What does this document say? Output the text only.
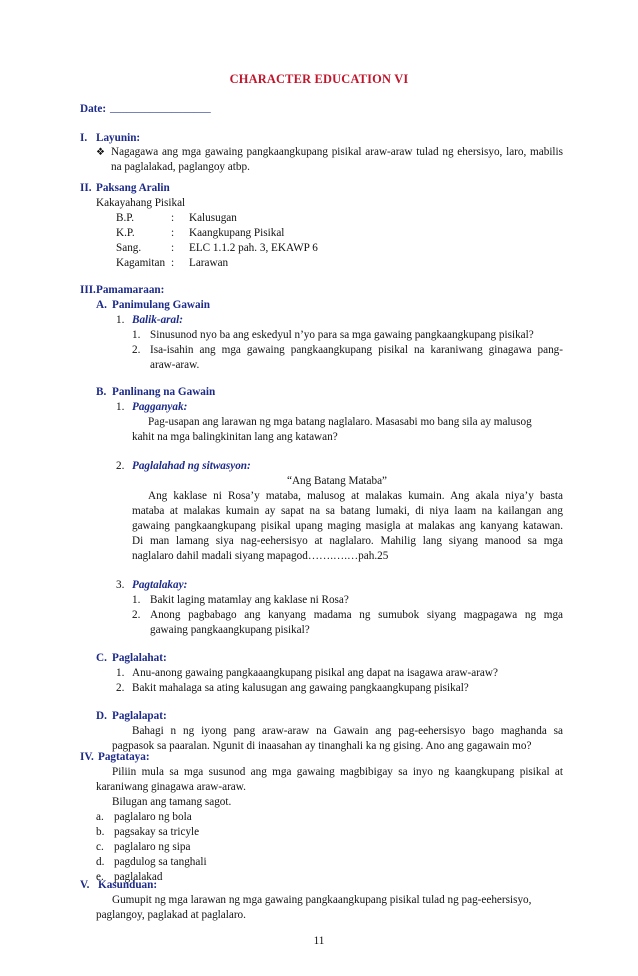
CHARACTER EDUCATION VI
Date: __________________
I. Layunin:
❖ Nagagawa ang mga gawaing pangkaangkupang pisikal araw-araw tulad ng ehersisyo, laro, mabilis na paglalakad, paglangoy atbp.
II. Paksang Aralin
Kakayahang Pisikal
B.P.	: Kalusugan
K.P.	: Kaangkupang Pisikal
Sang.	: ELC 1.1.2 pah. 3, EKAWP 6
Kagamitan : Larawan
III. Pamamaraan:
A. Panimulang Gawain
1. Balik-aral:
1. Sinusunod nyo ba ang eskedyul n’yo para sa mga gawaing pangkaangkupang pisikal?
2. Isa-isahin ang mga gawaing pangkaangkupang pisikal na karaniwang ginagawa pang-
araw-araw.
B. Panlinang na Gawain
1. Pagganyak:
Pag-usapan ang larawan ng mga batang naglalaro. Masasabi mo bang sila ay malusog
kahit na mga balingkinitan lang ang katawan?
2. Paglalahad ng sitwasyon:
“Ang Batang Mataba”
Ang kaklase ni Rosa’y mataba, malusog at malakas kumain. Ang akala niya’y basta
mataba at malakas kumain ay sapat na sa batang lumaki, di niya laam na kailangan ang
gawaing pangkaangkupang pisikal upang maging masigla at malakas ang kanyang katawan.
Di man lamang siya nag-eehersisyo at naglalaro. Mahilig lang siyang manood sa mga
naglalaro dahil madali siyang mapagod…….….…pah.25
3. Pagtalakay:
1. Bakit laging matamlay ang kaklase ni Rosa?
2. Anong pagbabago ang kanyang madama ng sumubok siyang magpagawa ng mga
gawaing pangkaangkupang pisikal?
C. Paglalahat:
1. Anu-anong gawaing pangkaaangkupang pisikal ang dapat na isagawa araw-araw?
2. Bakit mahalaga sa ating kalusugan ang gawaing pangkaangkupang pisikal?
D. Paglalapat:
Bahagi n ng iyong pang araw-araw na Gawain ang pag-eehersisyo bago maghanda sa
pagpasok sa paaralan. Ngunit di inaasahan ay tinanghali ka ng gising. Ano ang gagawain mo?
IV. Pagtataya:
Piliin mula sa mga susunod ang mga gawaing magbibigay sa inyo ng kaangkupang pisikal at
karaniwang ginagawa araw-araw.
Bilugan ang tamang sagot.
a. paglalaro ng bola
b. pagsakay sa tricyle
c. paglalaro ng sipa
d. pagdulog sa tanghali
e. paglalakad
V.
11
Kasunduan:
Gumupit ng mga larawan ng mga gawaing pangkaangkupang pisikal tulad ng pag-eehersisyo,
paglangoy, paglakad at paglalaro.
